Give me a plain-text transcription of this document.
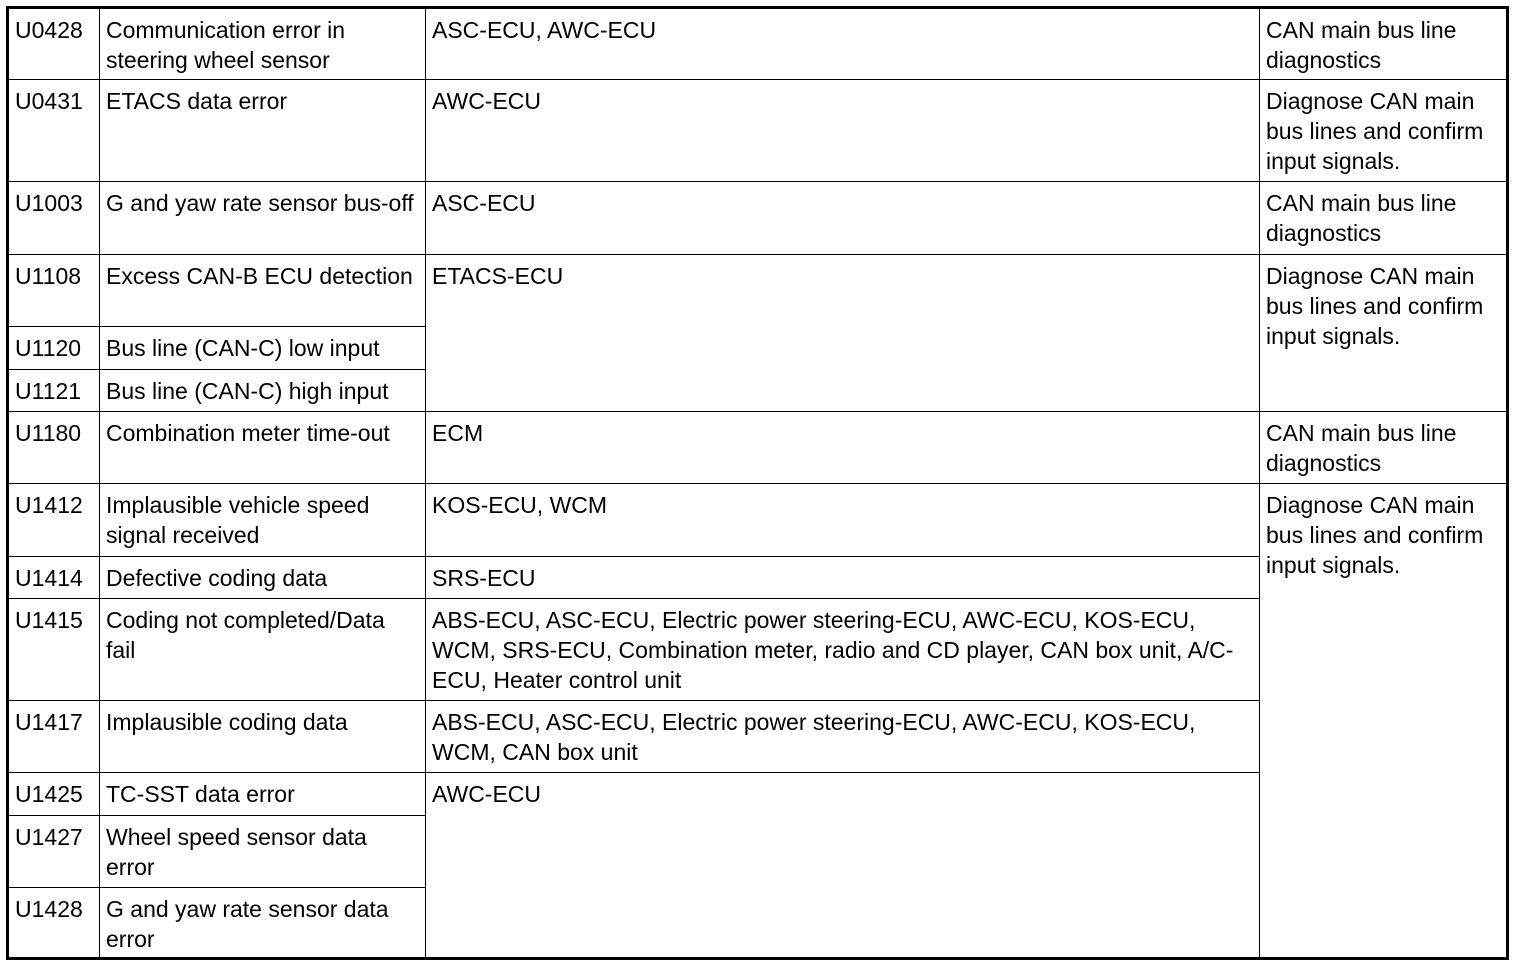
U0428	Communication error in steering wheel sensor	ASC-ECU, AWC-ECU	CAN main bus line diagnostics
U0431	ETACS data error	AWC-ECU	Diagnose CAN main bus lines and confirm input signals.
U1003	G and yaw rate sensor bus-off	ASC-ECU	CAN main bus line diagnostics
U1108	Excess CAN-B ECU detection	ETACS-ECU	Diagnose CAN main bus lines and confirm input signals.
U1120	Bus line (CAN-C) low input		
U1121	Bus line (CAN-C) high input		
U1180	Combination meter time-out	ECM	CAN main bus line diagnostics
U1412	Implausible vehicle speed signal received	KOS-ECU, WCM	Diagnose CAN main bus lines and confirm input signals.
U1414	Defective coding data	SRS-ECU	
U1415	Coding not completed/Data fail	ABS-ECU, ASC-ECU, Electric power steering-ECU, AWC-ECU, KOS-ECU, WCM, SRS-ECU, Combination meter, radio and CD player, CAN box unit, A/C-ECU, Heater control unit	
U1417	Implausible coding data	ABS-ECU, ASC-ECU, Electric power steering-ECU, AWC-ECU, KOS-ECU, WCM, CAN box unit	
U1425	TC-SST data error	AWC-ECU	
U1427	Wheel speed sensor data error		
U1428	G and yaw rate sensor data error		
